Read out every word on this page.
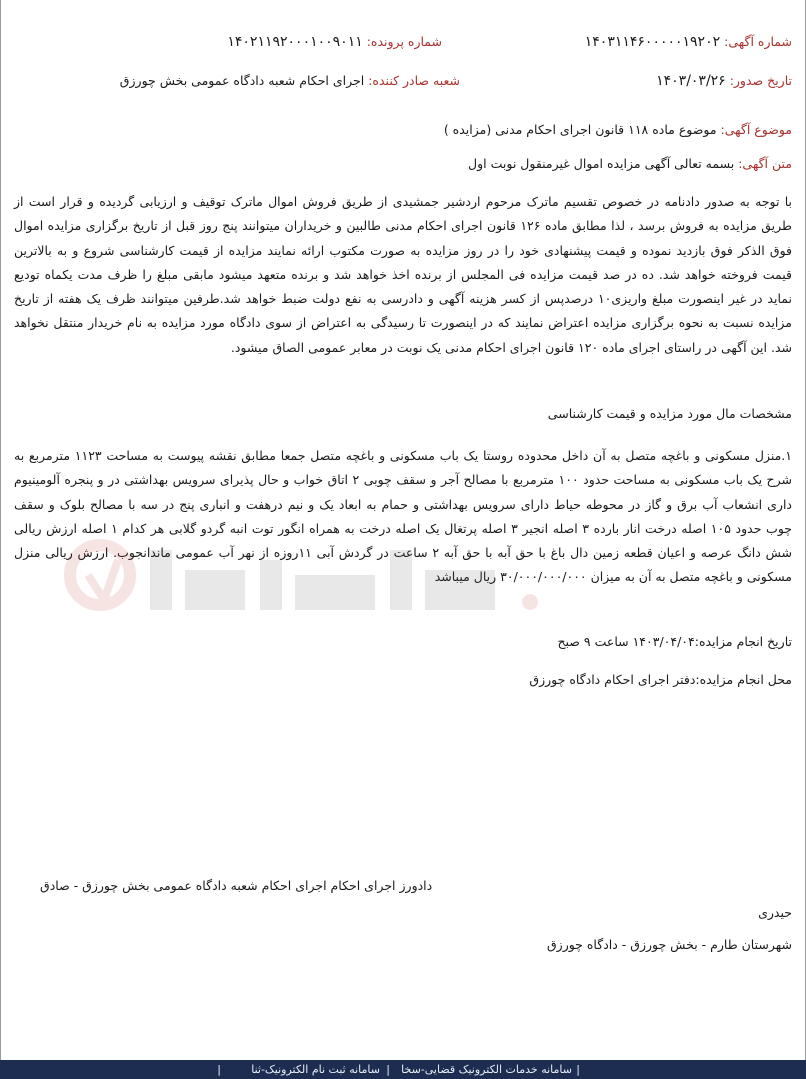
شماره آگهی: ۱۴۰۳۱۱۴۶۰۰۰۰۰۱۹۲۰۲
شماره پرونده: ۱۴۰۲۱۱۹۲۰۰۰۱۰۰۹۰۱۱
تاریخ صدور: ۱۴۰۳/۰۳/۲۶
شعبه صادر کننده: اجرای احکام شعبه دادگاه عمومی بخش چورزق
موضوع آگهی: موضوع ماده ۱۱۸ قانون اجرای احکام مدنی (مزایده )
متن آگهی: بسمه تعالی آگهی مزایده اموال غیرمنقول نوبت اول
با توجه به صدور دادنامه در خصوص تقسیم ماترک مرحوم اردشیر جمشیدی از طریق فروش اموال ماترک توقیف و ارزیابی گردیده و قرار است از طریق مزایده به فروش برسد ، لذا مطابق ماده ۱۲۶ قانون اجرای احکام مدنی طالبین و خریداران میتوانند پنج روز قبل از تاریخ برگزاری مزایده اموال فوق الذکر فوق بازدید نموده و قیمت پیشنهادی خود را در روز مزایده به صورت مکتوب ارائه نمایند مزایده از قیمت کارشناسی شروع و به بالاترین قیمت فروخته خواهد شد. ده در صد قیمت مزایده فی المجلس از برنده اخذ خواهد شد و برنده متعهد میشود مابقی مبلغ را ظرف مدت یکماه تودیع نماید در غیر اینصورت مبلغ واریزی۱۰ درصدپس از کسر هزینه آگهی و دادرسی به نفع دولت ضبط خواهد شد.طرفین میتوانند ظرف یک هفته از تاریخ مزایده نسبت به نحوه برگزاری مزایده اعتراض نمایند که در اینصورت تا رسیدگی به اعتراض از سوی دادگاه مورد مزایده به نام خریدار منتقل نخواهد شد. این آگهی در راستای اجرای ماده ۱۲۰ قانون اجرای احکام مدنی یک نوبت در معابر عمومی الصاق میشود.
مشخصات مال مورد مزایده و قیمت کارشناسی
۱.منزل مسکونی و باغچه متصل به آن داخل محدوده روستا یک باب مسکونی و باغچه متصل جمعا مطابق نقشه پیوست به مساحت ۱۱۲۳ مترمربع به شرح یک باب مسکونی به مساحت حدود ۱۰۰ مترمربع با مصالح آجر و سقف چوبی ۲ اتاق خواب و حال پذیرای سرویس بهداشتی در و پنجره آلومینیوم داری انشعاب آب برق و گاز در محوطه حیاط دارای سرویس بهداشتی و حمام به ابعاد یک و نیم درهفت و انباری پنج در سه با مصالح بلوک و سقف چوب حدود ۱۰۵ اصله درخت انار بارده ۳ اصله انجیر ۳ اصله پرتغال یک اصله درخت به همراه انگور توت انبه گردو گلابی هر کدام ۱ اصله ارزش ریالی شش دانگ عرصه و اعیان قطعه زمین دال باغ با حق آبه با حق آبه ۲ ساعت در گردش آبی ۱۱روزه از نهر آب عمومی ماندانجوب. ارزش ریالی منزل مسکونی و باغچه متصل به آن به میزان ۳۰/۰۰۰/۰۰۰/۰۰۰ ریال میباشد
تاریخ انجام مزایده:۱۴۰۳/۰۴/۰۴ ساعت ۹ صبح
محل انجام مزایده:دفتر اجرای احکام دادگاه چورزق
دادورز اجرای احکام اجرای احکام شعبه دادگاه عمومی بخش چورزق - صادق
حیدری
شهرستان طارم - بخش چورزق - دادگاه چورزق
|
سامانه خدمات الکترونیک قضایی-سخا
|
سامانه ثبت نام الکترونیک-ثنا
|
